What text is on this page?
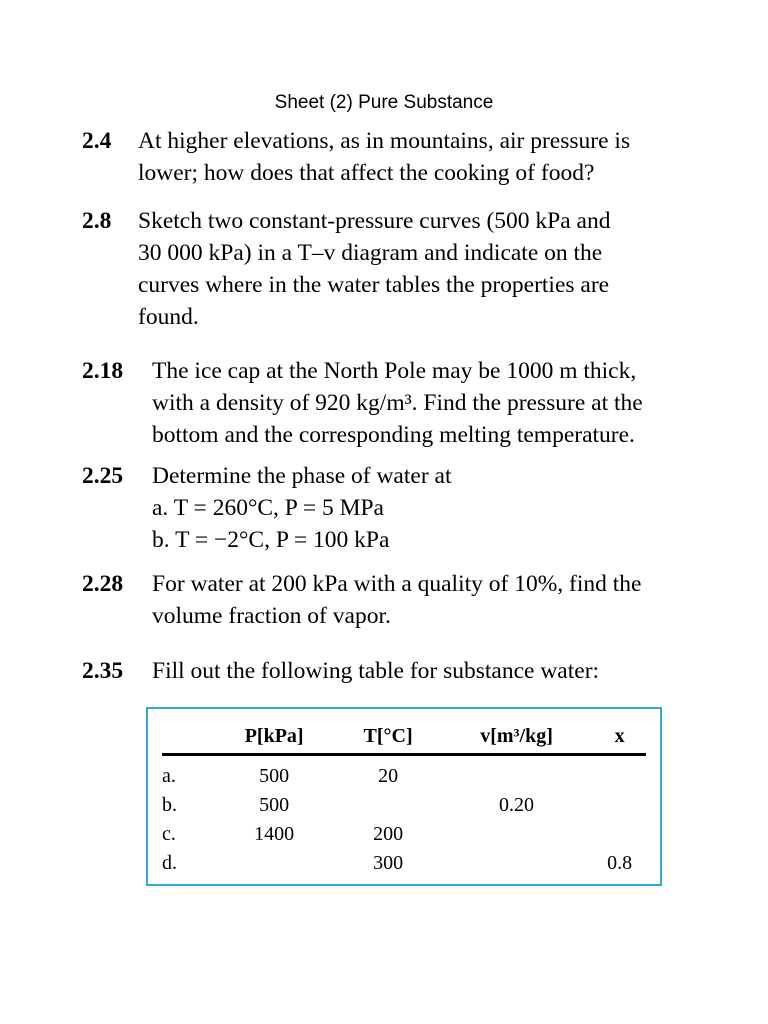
Sheet (2) Pure Substance
2.4 At higher elevations, as in mountains, air pressure is

lower; how does that affect the cooking of food?

2.8 Sketch two constant-pressure curves (500 kPa and

30 000 kPa) in a T–v diagram and indicate on the

curves where in the water tables the properties are

found.

2.18 The ice cap at the North Pole may be 1000 m thick,

with a density of 920 kg/m³. Find the pressure at the

bottom and the corresponding melting temperature.

2.25 Determine the phase of water at

a. T = 260°C, P = 5 MPa

b. T = −2°C, P = 100 kPa

2.28 For water at 200 kPa with a quality of 10%, find the

volume fraction of vapor.

2.35 Fill out the following table for substance water:

	P[kPa]	T[°C]	v[m³/kg]	x
a.	500	20		
b.	500		0.20	
c.	1400	200		
d.		300		0.8
